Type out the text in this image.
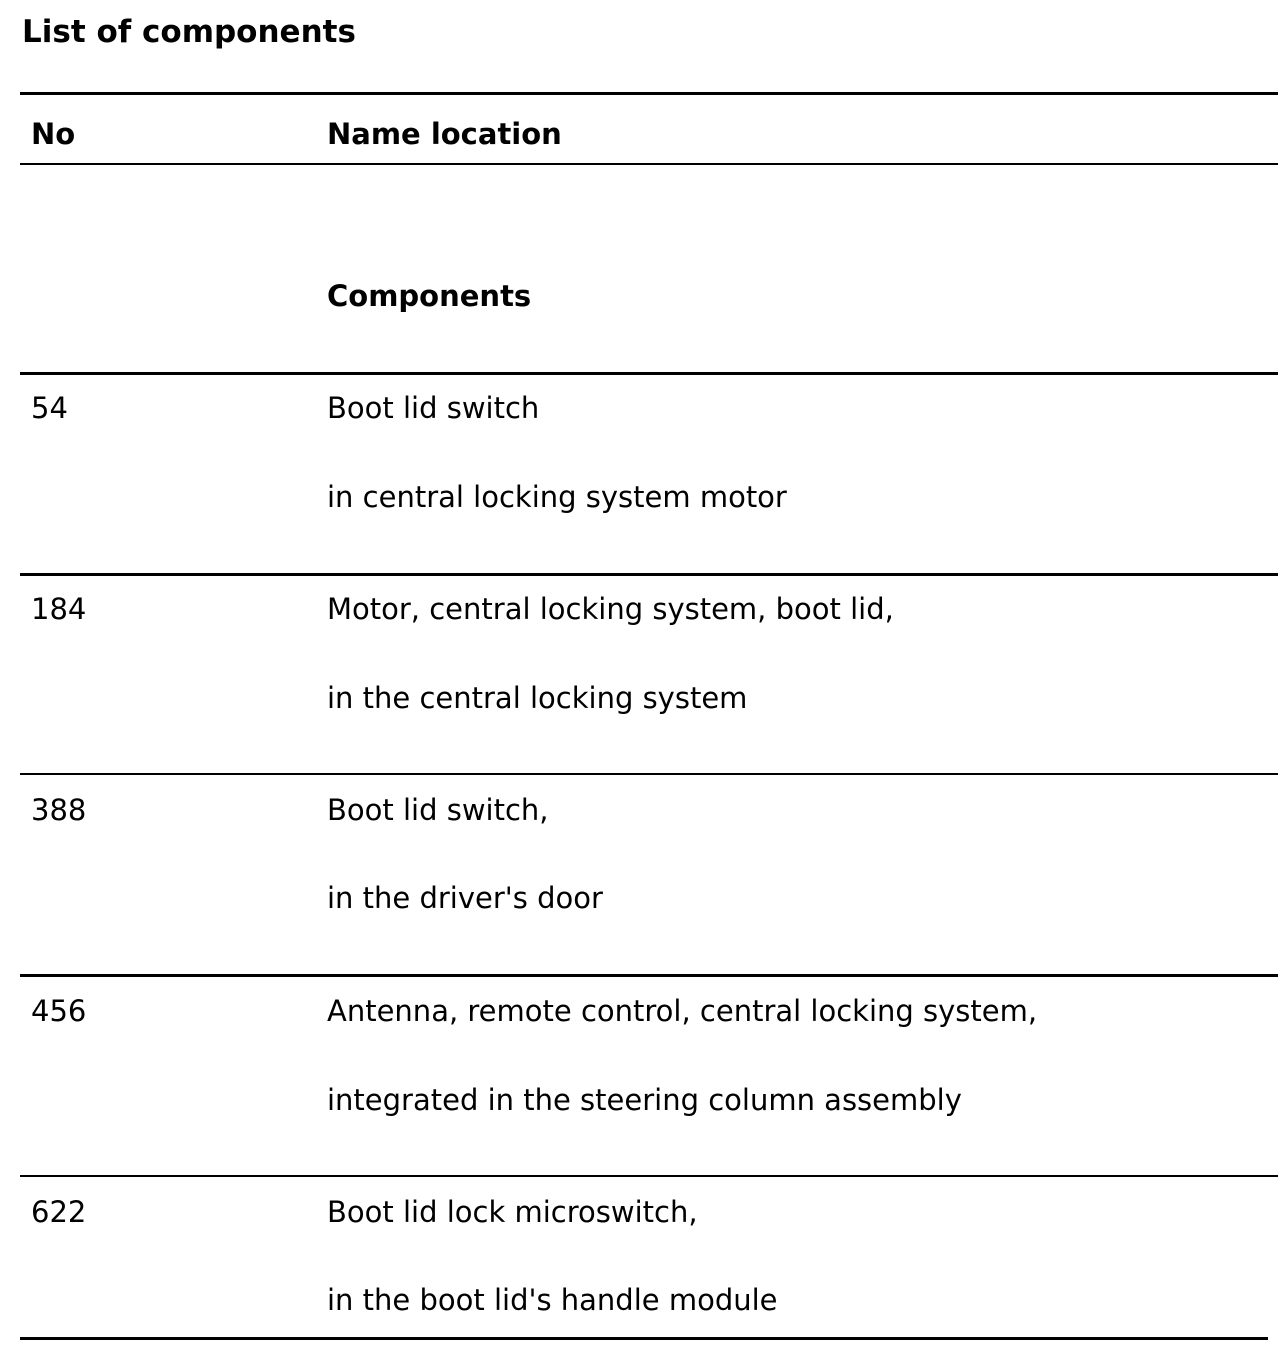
List of components
No	Name location
Components
54	Boot lid switch
in central locking system motor
184	Motor, central locking system, boot lid,
in the central locking system
388	Boot lid switch,
in the driver's door
456	Antenna, remote control, central locking system,
integrated in the steering column assembly
622	Boot lid lock microswitch,
in the boot lid's handle module
